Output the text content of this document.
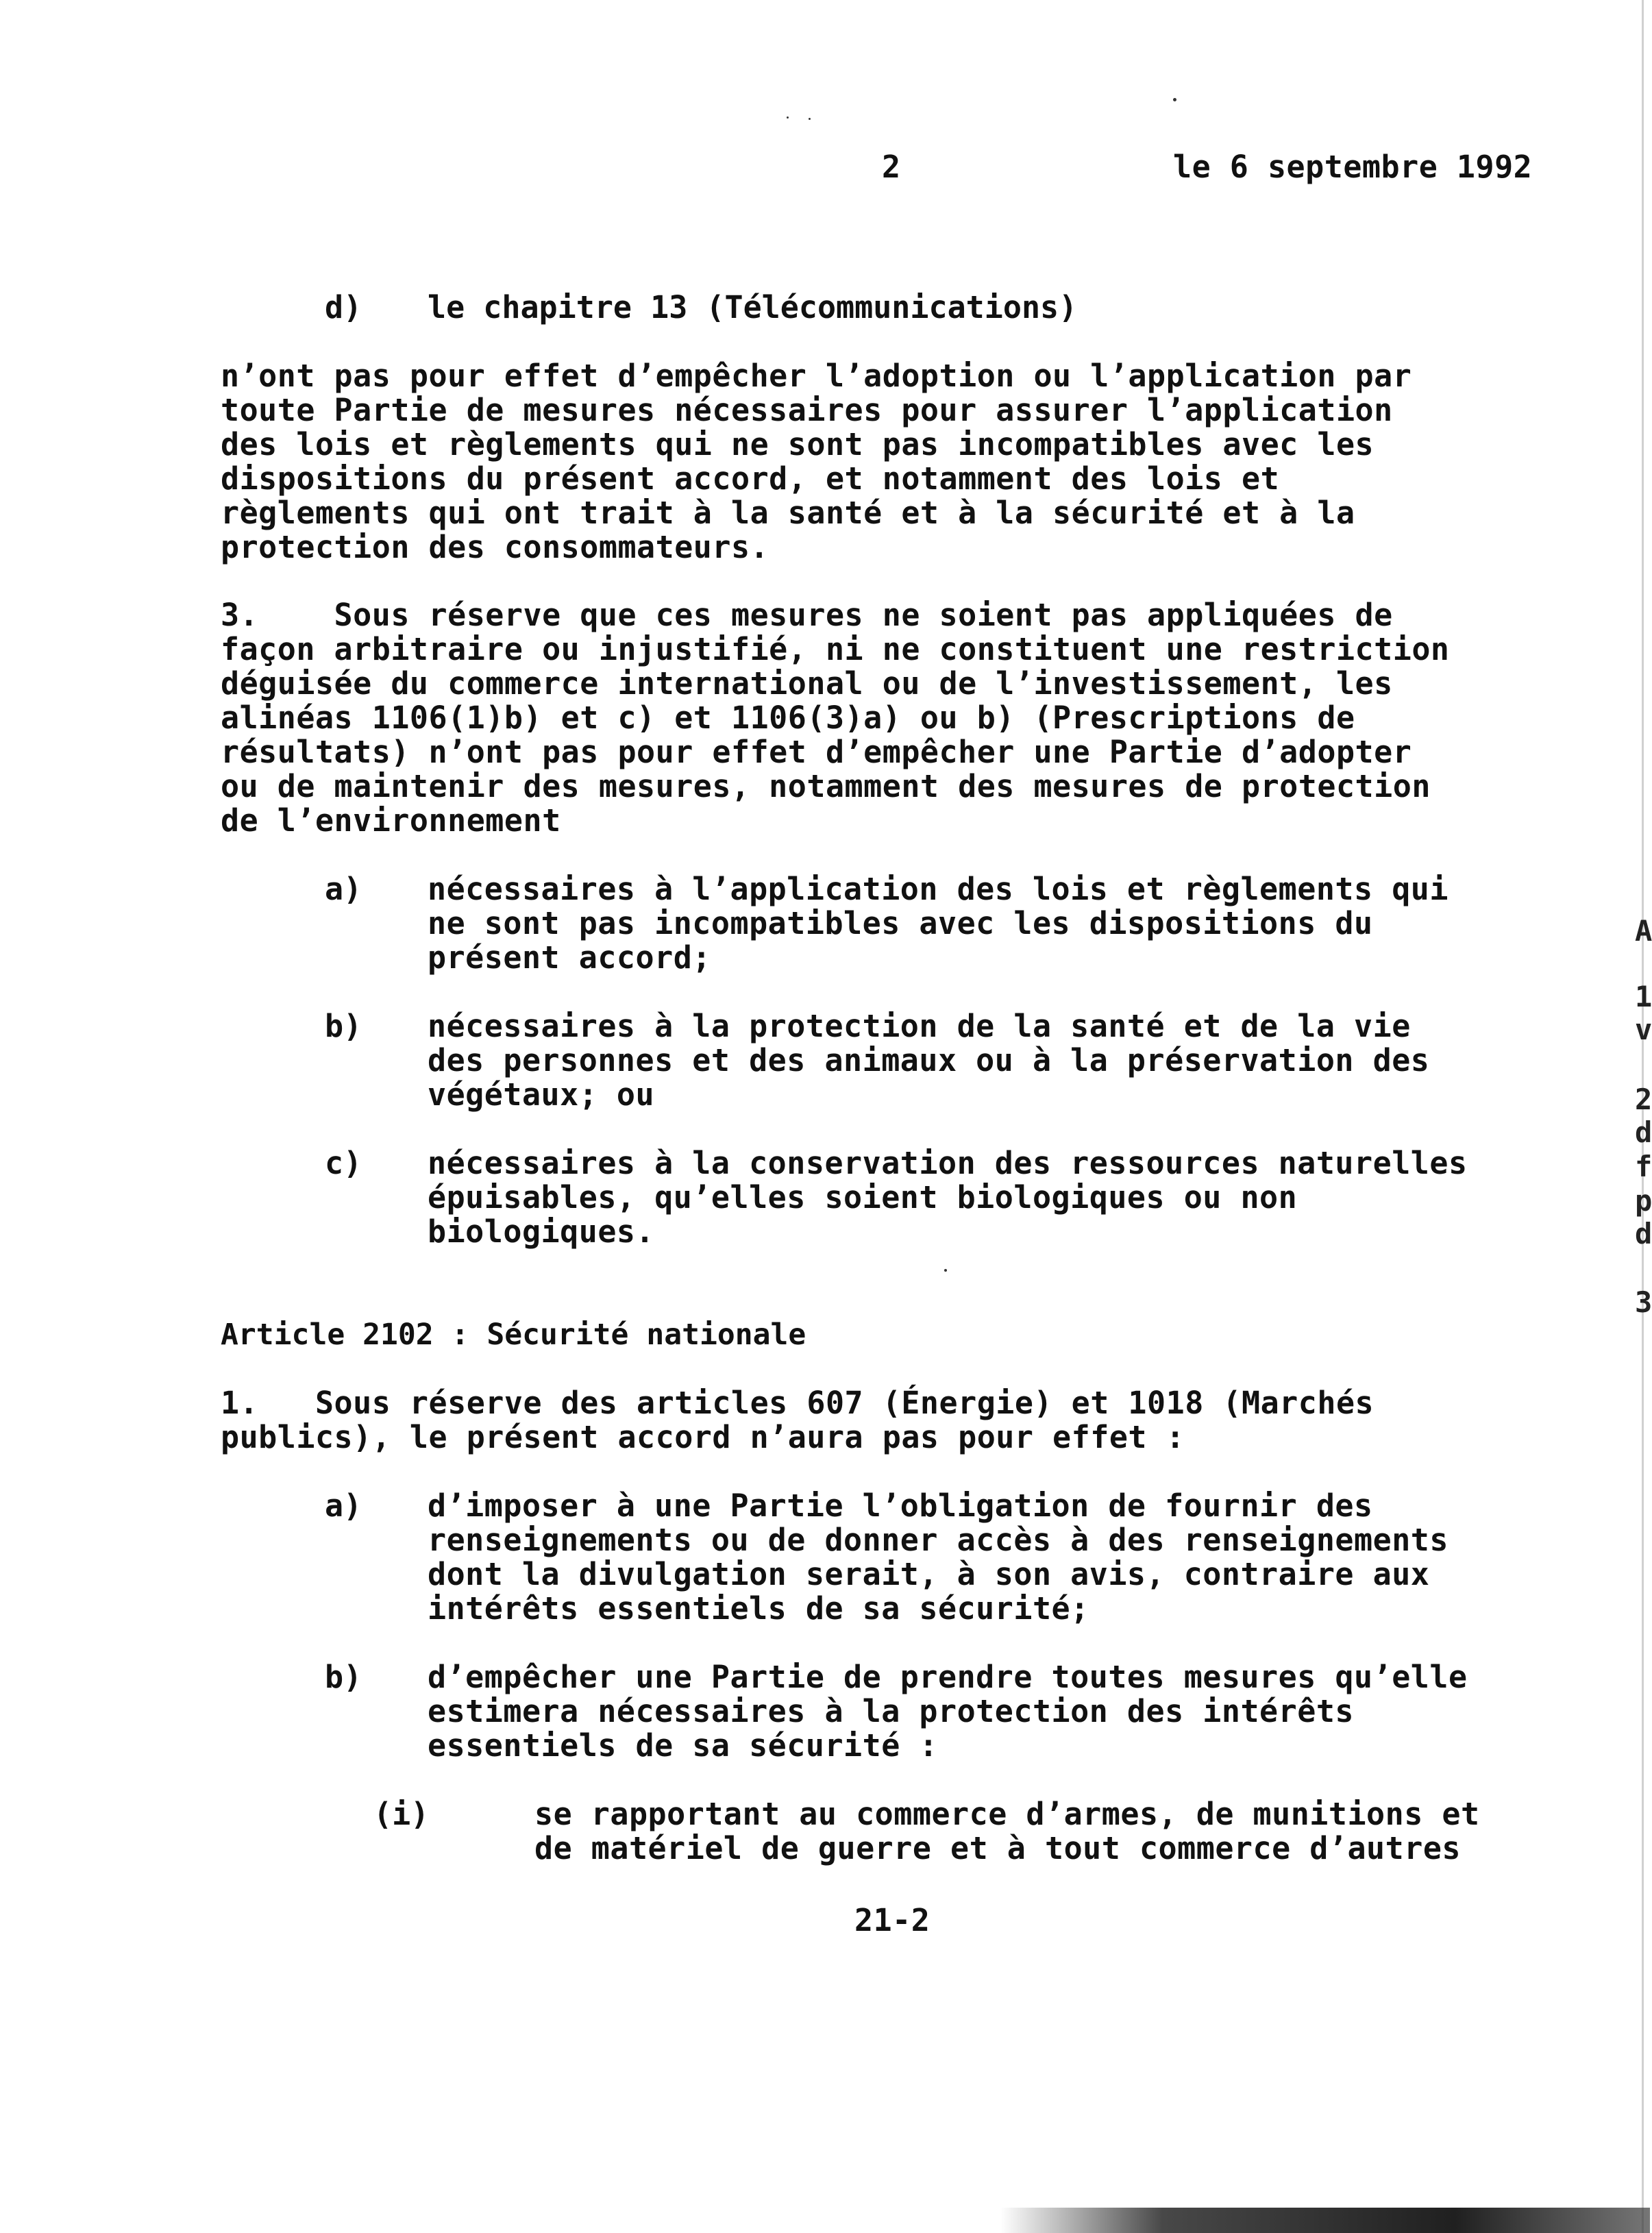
2	le 6 septembre 1992
d) le chapitre 13 (Télécommunications)
n’ont pas pour effet d’empêcher l’adoption ou l’application par
toute Partie de mesures nécessaires pour assurer l’application
des lois et règlements qui ne sont pas incompatibles avec les
dispositions du présent accord, et notamment des lois et
règlements qui ont trait à la santé et à la sécurité et à la
protection des consommateurs.
3.    Sous réserve que ces mesures ne soient pas appliquées de
façon arbitraire ou injustifié, ni ne constituent une restriction
déguisée du commerce international ou de l’investissement, les
alinéas 1106(1)b) et c) et 1106(3)a) ou b) (Prescriptions de
résultats) n’ont pas pour effet d’empêcher une Partie d’adopter
ou de maintenir des mesures, notamment des mesures de protection
de l’environnement
a) nécessaires à l’application des lois et règlements qui
ne sont pas incompatibles avec les dispositions du
présent accord;
b) nécessaires à la protection de la santé et de la vie
des personnes et des animaux ou à la préservation des
végétaux; ou
c) nécessaires à la conservation des ressources naturelles
épuisables, qu’elles soient biologiques ou non
biologiques.
Article 2102 : Sécurité nationale
1.   Sous réserve des articles 607 (Énergie) et 1018 (Marchés
publics), le présent accord n’aura pas pour effet :
a) d’imposer à une Partie l’obligation de fournir des
renseignements ou de donner accès à des renseignements
dont la divulgation serait, à son avis, contraire aux
intérêts essentiels de sa sécurité;
b) d’empêcher une Partie de prendre toutes mesures qu’elle
estimera nécessaires à la protection des intérêts
essentiels de sa sécurité :
(i)	se rapportant au commerce d’armes, de munitions et
de matériel de guerre et à tout commerce d’autres
21-2
A
1
v
2
d
f
p
d
3
